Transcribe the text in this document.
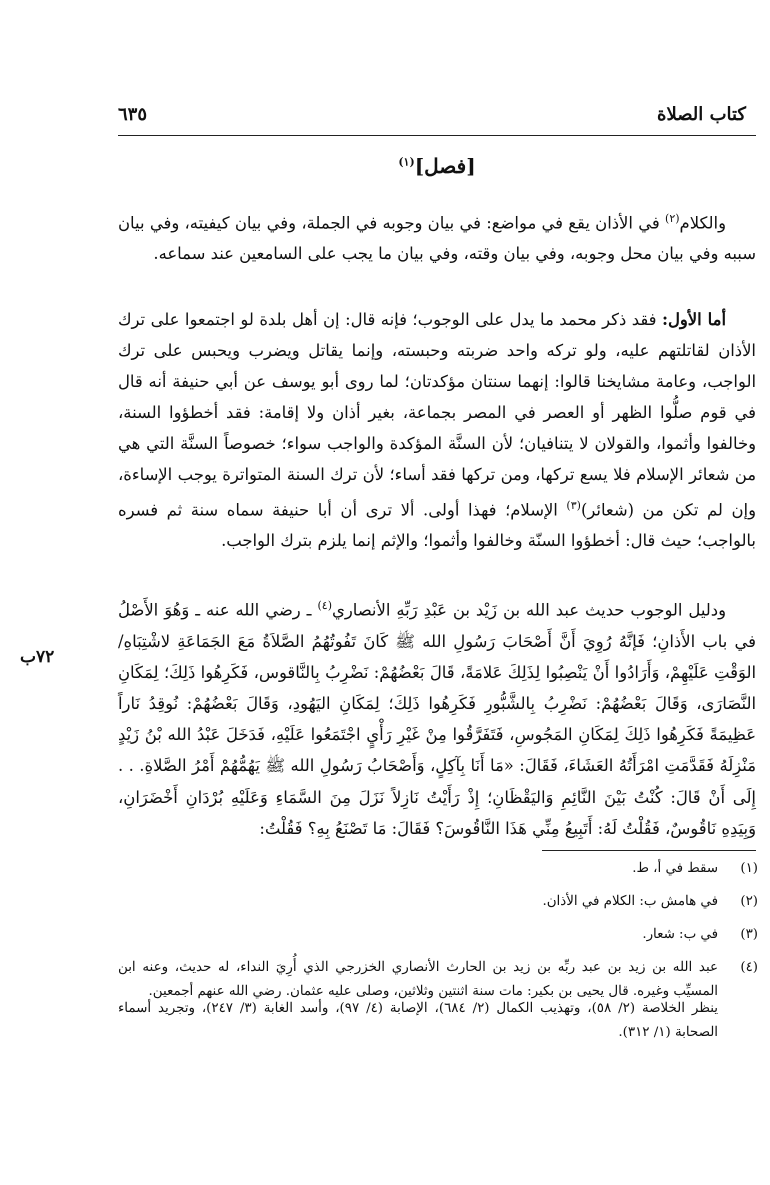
كتاب الصلاة
٦٣٥
[فصل]$^{(١)}$

والكلام$^{(٢)}$ في الأذان يقع في مواضع: في بيان وجوبه في الجملة، وفي بيان كيفيته، وفي بيان سببه وفي بيان محل وجوبه، وفي بيان وقته، وفي بيان ما يجب على السامعين عند سماعه.

أما الأول: فقد ذكر محمد ما يدل على الوجوب؛ فإنه قال: إن أهل بلدة لو اجتمعوا على ترك الأذان لقاتلتهم عليه، ولو تركه واحد ضربته وحبسته، وإنما يقاتل ويضرب ويحبس على ترك الواجب، وعامة مشايخنا قالوا: إنهما سنتان مؤكدتان؛ لما روى أبو يوسف عن أبي حنيفة أنه قال في قوم صلُّوا الظهر أو العصر في المصر بجماعة، بغير أذان ولا إقامة: فقد أخطؤوا السنة، وخالفوا وأثموا، والقولان لا يتنافيان؛ لأن السنَّة المؤكدة والواجب سواء؛ خصوصاً السنَّة التي هي من شعائر الإسلام فلا يسع تركها، ومن تركها فقد أساء؛ لأن ترك السنة المتواترة يوجب الإساءة، وإن لم تكن من (شعائر)$^{(٣)}$ الإسلام؛ فهذا أولى. ألا ترى أن أبا حنيفة سماه سنة ثم فسره بالواجب؛ حيث قال: أخطؤوا السنّة وخالفوا وأثموا؛ والإثم إنما يلزم بترك الواجب.

ودليل الوجوب حديث عبد الله بن زَيْد بن عَبْدِ رَبِّهِ الأنصاري$^{(٤)}$ ـ رضي الله عنه ـ وَهُوَ الأَصْلُ في باب الأَذانِ؛ فَإنَّهُ رُوِيَ أَنَّ أَصْحَابَ رَسُولِ الله ﷺ كَانَ تَفُوتُهُمُ الصَّلاَةُ مَعَ الجَمَاعَةِ لاشْتِبَاهِ/ الوَقْتِ عَلَيْهِمْ، وَأَرَادُوا أَنْ يَنْصِبُوا لِذَلِكَ عَلامَةً، قَالَ بَعْضُهُمْ: نَضْرِبُ بِالنَّاقوس، فَكَرِهُوا ذَلِكَ؛ لِمَكَانِ النَّصَارَى، وَقَالَ بَعْضُهُمْ: نَضْرِبُ بِالشَّبُّورِ فَكَرِهُوا ذَلِكَ؛ لِمَكَانِ اليَهُودِ، وَقَالَ بَعْضُهُمْ: نُوقِدُ نَاراً عَظِيمَةً فَكَرِهُوا ذَلِكَ لِمَكَانِ المَجُوسِ، فَتَفَرَّقُوا مِنْ غَيْرِ رَأْيٍ اجْتَمَعُوا عَلَيْهِ، فَدَخَلَ عَبْدُ الله بْنُ زَيْدٍ مَنْزِلَهُ فَقَدَّمَتِ امْرَأَتُهُ العَشَاءَ، فَقَالَ: «مَا أَنَا بِآكِلٍ، وَأَصْحَابُ رَسُولِ الله ﷺ يَهُمُّهُمْ أَمْرُ الصَّلاةِ. . . إِلَى أَنْ قَالَ: كُنْتُ بَيْنَ النَّائِمِ وَاليَقْظَانِ؛ إِذْ رَأَيْتُ نَازِلاً نَزَلَ مِنَ السَّمَاءِ وَعَلَيْهِ بُرْدَانِ أَخْضَرَانِ، وَبِيَدِهِ نَاقُوسٌ، فَقُلْتُ لَهُ: أَتَبِيعُ مِنِّي هَذَا النَّاقُوسَ؟ فَقَالَ: مَا تَصْنَعُ بِهِ؟ فَقُلْتُ:

٧٢ب
(١)
سقط في أ، ط.
(٢)
في هامش ب: الكلام في الأذان.
(٣)
في ب: شعار.
(٤)
عبد الله بن زيد بن عبد ربِّه بن زيد بن الحارث الأنصاري الخزرجي الذي أُرِيَ النداء، له حديث، وعنه ابن المسيِّب وغيره. قال يحيى بن بكير: مات سنة اثنتين وثلاثين، وصلى عليه عثمان. رضي الله عنهم أجمعين.
ينظر الخلاصة (٢/ ٥٨)، وتهذيب الكمال (٢/ ٦٨٤)، الإصابة (٤/ ٩٧)، وأسد الغابة (٣/ ٢٤٧)، وتجريد أسماء الصحابة (١/ ٣١٢).
